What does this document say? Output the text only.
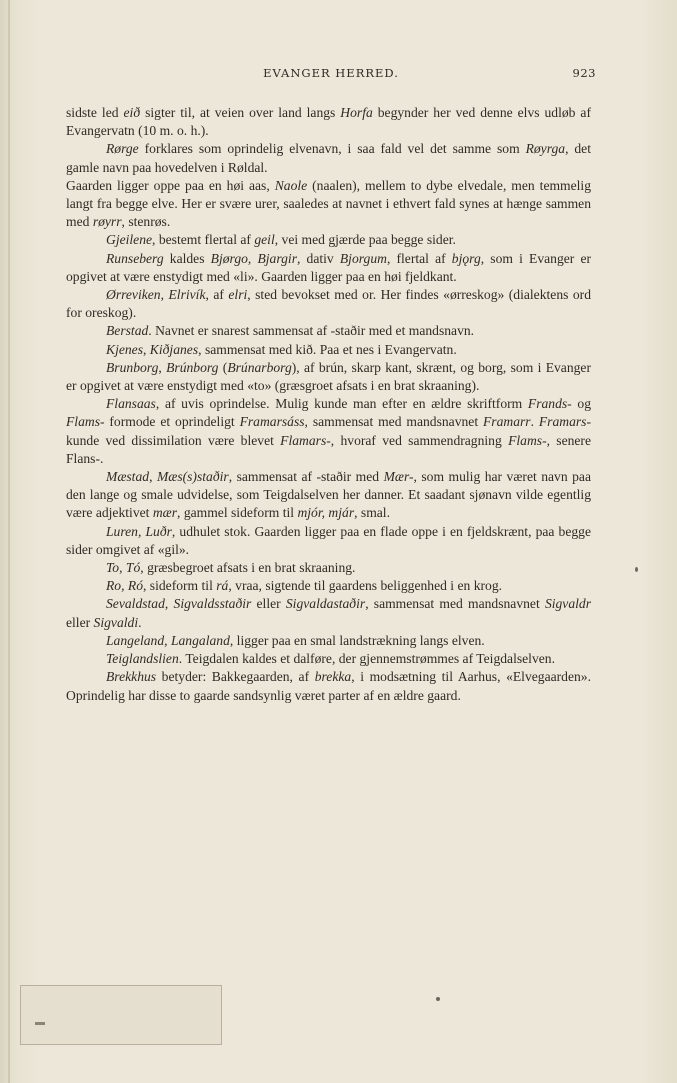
EVANGER HERRED.	923

sidste led eið sigter til, at veien over land langs Horfa begynder her ved denne elvs udløb af Evangervatn (10 m. o. h.).

Rørge forklares som oprindelig elvenavn, i saa fald vel det samme som Røyrga, det gamle navn paa hovedelven i Røldal.

Gaarden ligger oppe paa en høi aas, Naole (naalen), mellem to dybe elvedale, men temmelig langt fra begge elve. Her er svære urer, saaledes at navnet i ethvert fald synes at hænge sammen med røyrr, stenrøs.

Gjeilene, bestemt flertal af geil, vei med gjærde paa begge sider.

Runseberg kaldes Bjørgo, Bjargir, dativ Bjorgum, flertal af bjǫrg, som i Evanger er opgivet at være enstydigt med «li». Gaarden ligger paa en høi fjeldkant.

Ørreviken, Elrivík, af elri, sted bevokset med or. Her findes «ørreskog» (dialektens ord for oreskog).

Berstad. Navnet er snarest sammensat af -staðir med et mandsnavn.

Kjenes, Kiðjanes, sammensat med kið. Paa et nes i Evangervatn.

Brunborg, Brúnborg (Brúnarborg), af brún, skarp kant, skrænt, og borg, som i Evanger er opgivet at være enstydigt med «to» (græsgroet afsats i en brat skraaning).

Flansaas, af uvis oprindelse. Mulig kunde man efter en ældre skriftform Frands- og Flams- formode et oprindeligt Framarsáss, sammensat med mandsnavnet Framarr. Framars- kunde ved dissimilation være blevet Flamars-, hvoraf ved sammendragning Flams-, senere Flans-.

Mæstad, Mæs(s)staðir, sammensat af -staðir med Mær-, som mulig har været navn paa den lange og smale udvidelse, som Teigdalselven her danner. Et saadant sjønavn vilde egentlig være adjektivet mær, gammel sideform til mjór, mjár, smal.

Luren, Luðr, udhulet stok. Gaarden ligger paa en flade oppe i en fjeldskrænt, paa begge sider omgivet af «gil».

To, Tó, græsbegroet afsats i en brat skraaning.

Ro, Ró, sideform til rá, vraa, sigtende til gaardens beliggenhed i en krog.

Sevaldstad, Sigvaldsstaðir eller Sigvaldastaðir, sammensat med mandsnavnet Sigvaldr eller Sigvaldi.

Langeland, Langaland, ligger paa en smal landstrækning langs elven.

Teiglandslien. Teigdalen kaldes et dalføre, der gjennemstrømmes af Teigdalselven.

Brekkhus betyder: Bakkegaarden, af brekka, i modsætning til Aarhus, «Elvegaarden». Oprindelig har disse to gaarde sandsynlig været parter af en ældre gaard.
